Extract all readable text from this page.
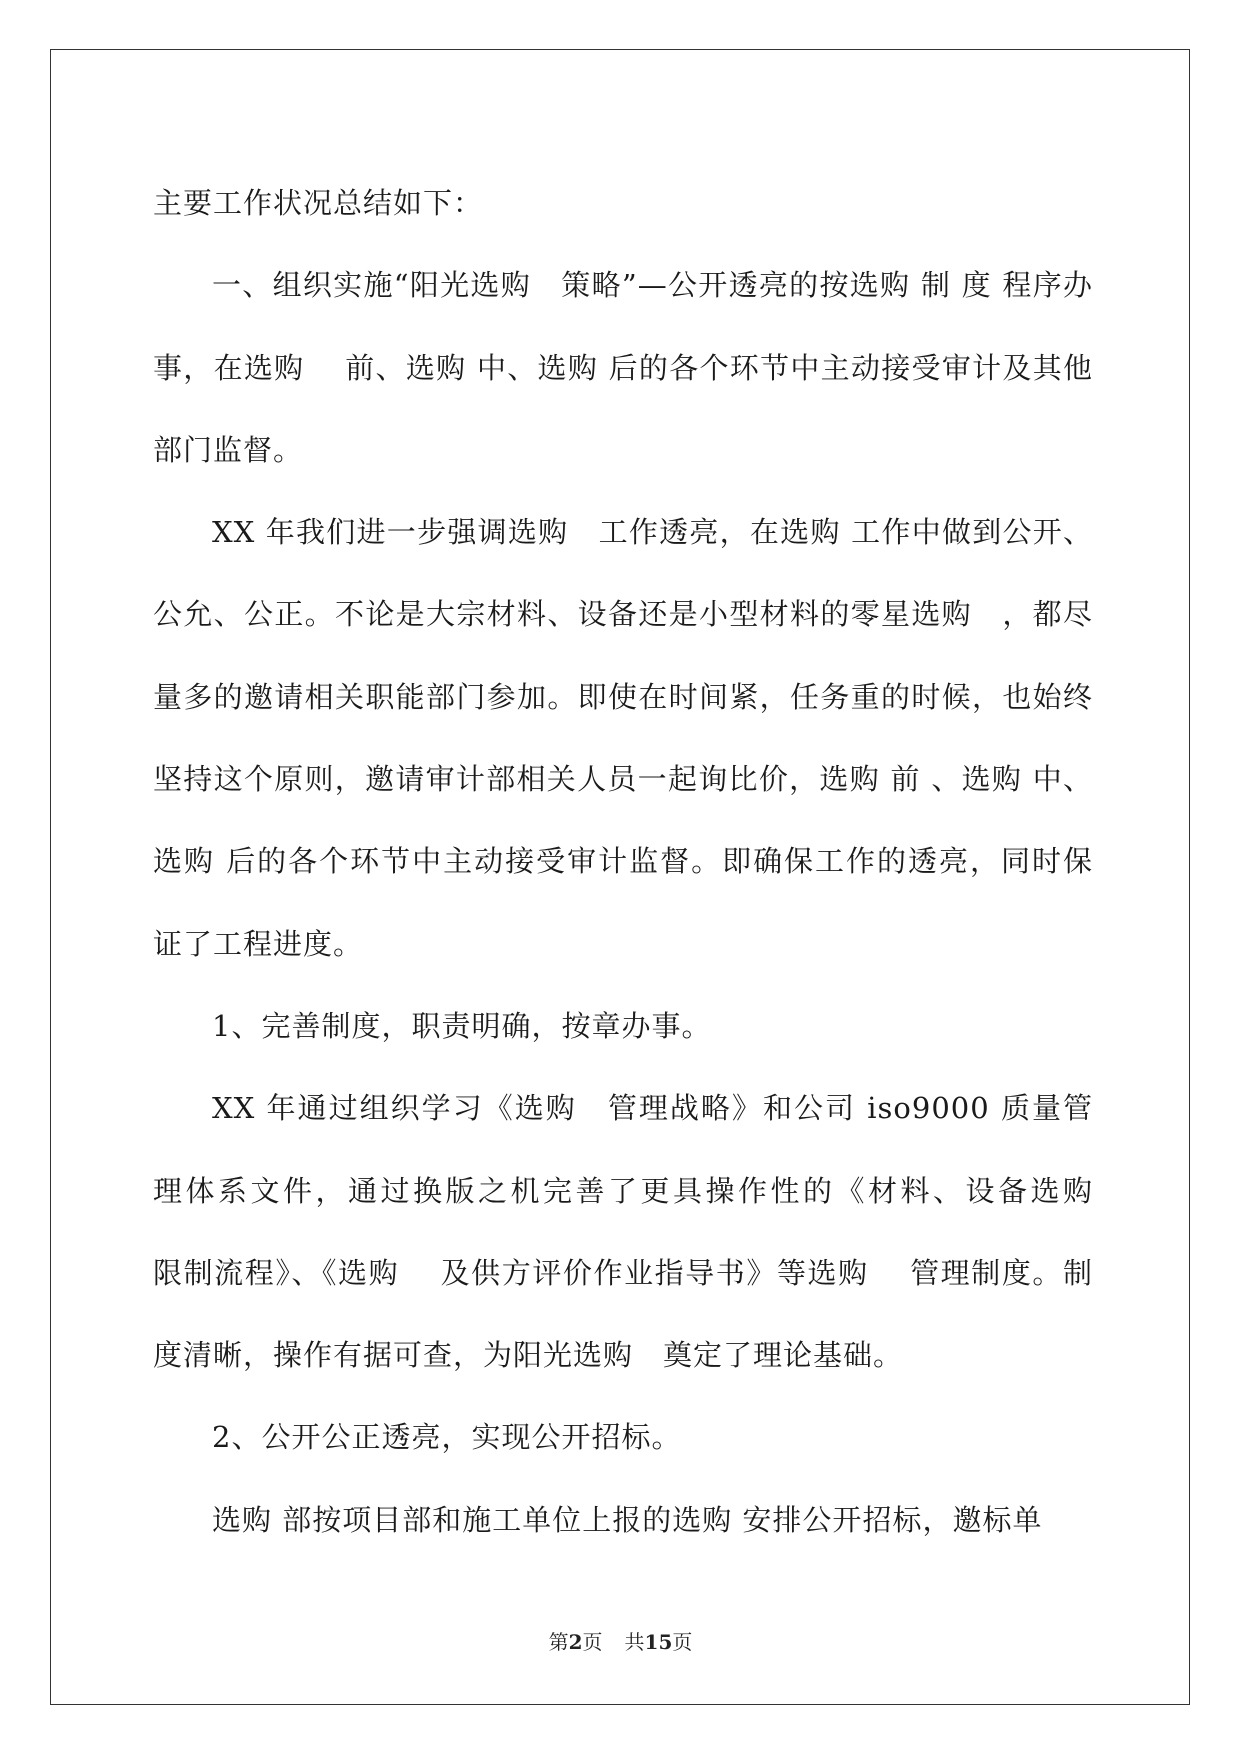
主要工作状况总结如下：

一、组织实施“阳光选购　策略”—公开透亮的按选购 制 度 程序办事，在选购　 前、选购 中、选购 后的各个环节中主动接受审计及其他部门监督。

XX 年我们进一步强调选购　工作透亮，在选购 工作中做到公开、公允、公正。不论是大宗材料、设备还是小型材料的零星选购　，都尽量多的邀请相关职能部门参加。即使在时间紧，任务重的时候，也始终坚持这个原则，邀请审计部相关人员一起询比价，选购 前 、选购 中、选购 后的各个环节中主动接受审计监督。即确保工作的透亮，同时保证了工程进度。

1、完善制度，职责明确，按章办事。

XX 年通过组织学习《选购　管理战略》和公司 iso9000 质量管理体系文件，通过换版之机完善了更具操作性的《材料、设备选购　 限制流程》、《选购　 及供方评价作业指导书》等选购　 管理制度。制度清晰，操作有据可查，为阳光选购　奠定了理论基础。

2、公开公正透亮，实现公开招标。

选购 部按项目部和施工单位上报的选购 安排公开招标，邀标单

第2页 共15页
